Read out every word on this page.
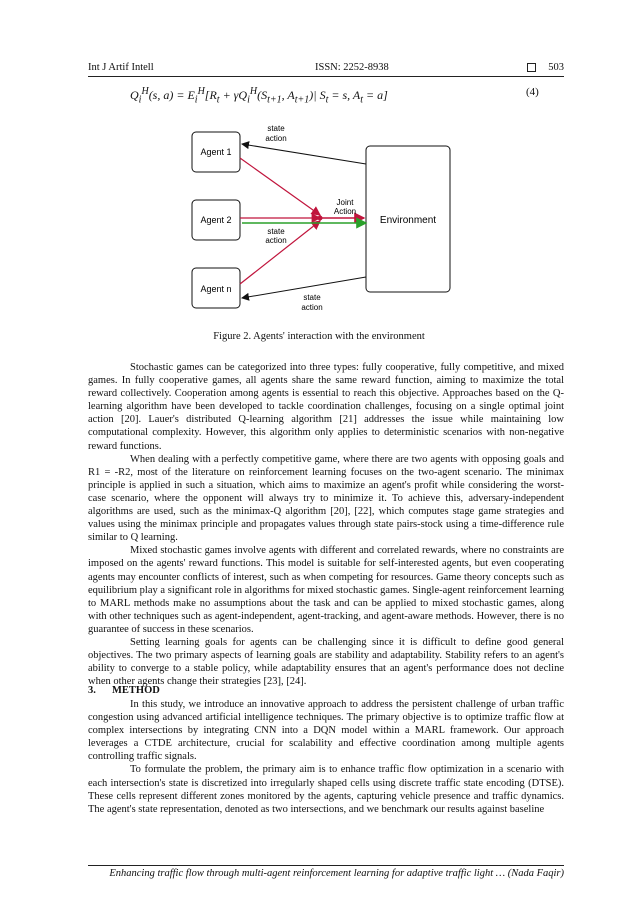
Int J Artif Intell	ISSN: 2252-8938	503
$Q_i^H(s$, $a) = E_i^H[R_t + \gamma Q_i^H(S_{t+1}$, $A_{t+1})|$ $S_t = s$, $A_t = a$]	(4)
Agent 1
Agent 2
Agent n
Environment
state
action
Joint
Action
state
action
state
action
Figure 2. Agents' interaction with the environment

Stochastic games can be categorized into three types: fully cooperative, fully competitive, and mixed games. In fully cooperative games, all agents share the same reward function, aiming to maximize the total reward collectively. Cooperation among agents is essential to reach this objective. Approaches based on the Q-learning algorithm have been developed to tackle coordination challenges, focusing on a single optimal joint action [20]. Lauer's distributed Q-learning algorithm [21] addresses the issue while maintaining low computational complexity. However, this algorithm only applies to deterministic scenarios with non-negative reward functions.

When dealing with a perfectly competitive game, where there are two agents with opposing goals and R1 = -R2, most of the literature on reinforcement learning focuses on the two-agent scenario. The minimax principle is applied in such a situation, which aims to maximize an agent's profit while considering the worst-case scenario, where the opponent will always try to minimize it. To achieve this, adversary-independent algorithms are used, such as the minimax-Q algorithm [20], [22], which computes stage game strategies and values using the minimax principle and propagates values through state pairs-stock using a time-difference rule similar to Q learning.

Mixed stochastic games involve agents with different and correlated rewards, where no constraints are imposed on the agents' reward functions. This model is suitable for self-interested agents, but even cooperating agents may encounter conflicts of interest, such as when competing for resources. Game theory concepts such as equilibrium play a significant role in algorithms for mixed stochastic games. Single-agent reinforcement learning to MARL methods make no assumptions about the task and can be applied to mixed stochastic games, along with other techniques such as agent-independent, agent-tracking, and agent-aware methods. However, there is no guarantee of success in these scenarios.

Setting learning goals for agents can be challenging since it is difficult to define good general objectives. The two primary aspects of learning goals are stability and adaptability. Stability refers to an agent's ability to converge to a stable policy, while adaptability ensures that an agent's performance does not decline when other agents change their strategies [23], [24].

3. METHOD

In this study, we introduce an innovative approach to address the persistent challenge of urban traffic congestion using advanced artificial intelligence techniques. The primary objective is to optimize traffic flow at complex intersections by integrating CNN into a DQN model within a MARL framework. Our approach leverages a CTDE architecture, crucial for scalability and effective coordination among multiple agents controlling traffic signals.

To formulate the problem, the primary aim is to enhance traffic flow optimization in a scenario with each intersection's state is discretized into irregularly shaped cells using discrete traffic state encoding (DTSE). These cells represent different zones monitored by the agents, capturing vehicle presence and traffic dynamics. The agent's state representation, denoted as two intersections, and we benchmark our results against baseline

Enhancing traffic flow through multi-agent reinforcement learning for adaptive traffic light … (Nada Faqir)
